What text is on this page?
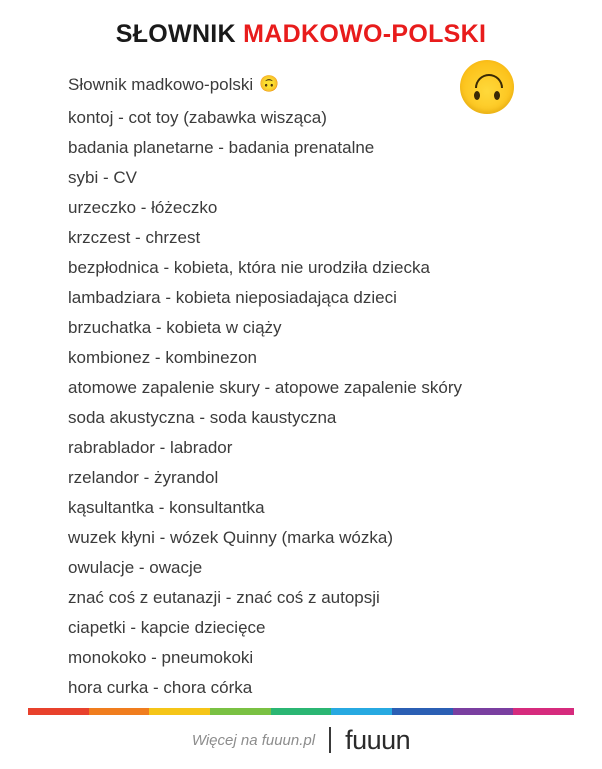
SŁOWNIK MADKOWO-POLSKI

Słownik madkowo-polski 🙃

kontoj - cot toy (zabawka wisząca)
badania planetarne - badania prenatalne
sybi - CV
urzeczko - łóżeczko
krzczest - chrzest
bezpłodnica - kobieta, która nie urodziła dziecka
lambadziara - kobieta nieposiadająca dzieci
brzuchatka - kobieta w ciąży
kombionez - kombinezon
atomowe zapalenie skury - atopowe zapalenie skóry
soda akustyczna - soda kaustyczna
rabrablador - labrador
rzelandor - żyrandol
kąsultantka - konsultantka
wuzek kłyni - wózek Quinny (marka wózka)
owulacje - owacje
znać coś z eutanazji - znać coś z autopsji
ciapetki - kapcie dziecięce
monokoko - pneumokoki
hora curka - chora córka
Więcej na fuuun.pl fuuun
